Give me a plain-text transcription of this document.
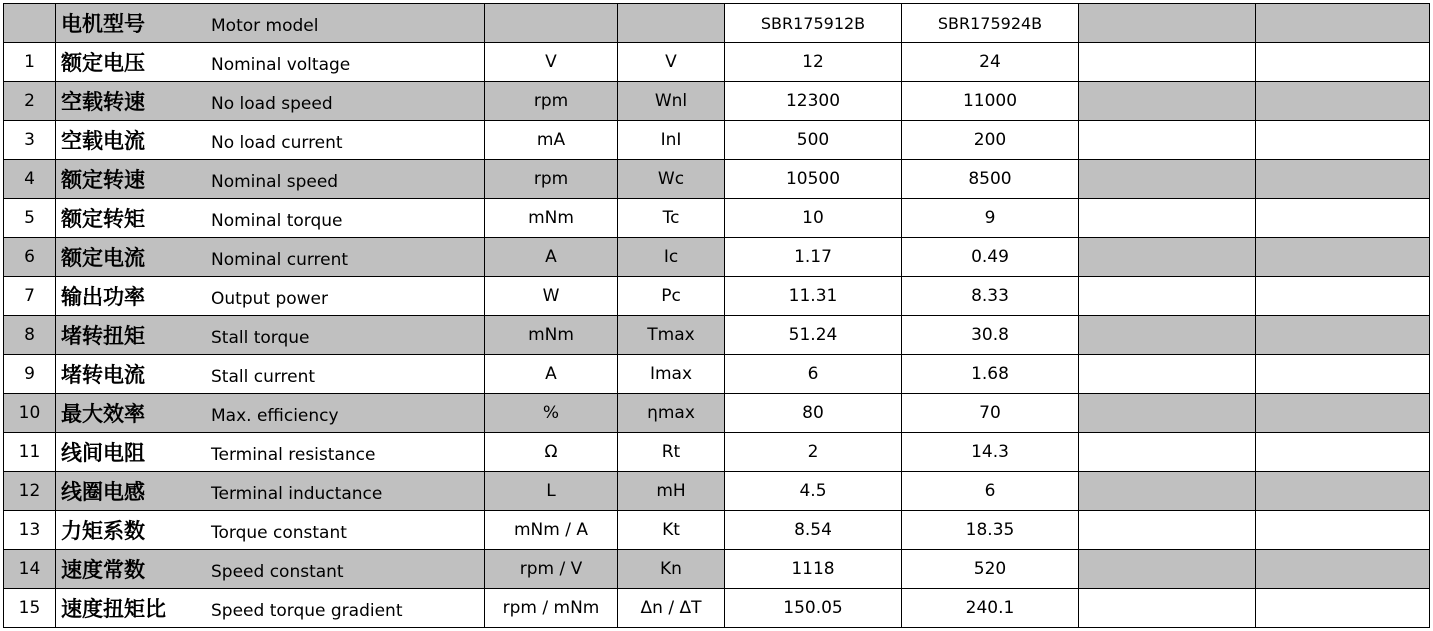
	电机型号 Motor model			SBR175912B	SBR175924B		
1	额定电压 Nominal voltage	V	V	12	24		
2	空载转速 No load speed	rpm	Wnl	12300	11000		
3	空载电流 No load current	mA	InI	500	200		
4	额定转速 Nominal speed	rpm	Wc	10500	8500		
5	额定转矩 Nominal torque	mNm	Tc	10	9		
6	额定电流 Nominal current	A	Ic	1.17	0.49		
7	输出功率 Output power	W	Pc	11.31	8.33		
8	堵转扭矩 Stall torque	mNm	Tmax	51.24	30.8		
9	堵转电流 Stall current	A	Imax	6	1.68		
10	最大效率 Max. efficiency	%	ηmax	80	70		
11	线间电阻 Terminal resistance	Ω	Rt	2	14.3		
12	线圈电感 Terminal inductance	L	mH	4.5	6		
13	力矩系数 Torque constant	mNm / A	Kt	8.54	18.35		
14	速度常数 Speed constant	rpm / V	Kn	1118	520		
15	速度扭矩比 Speed torque gradient	rpm / mNm	Δn / ΔT	150.05	240.1		
